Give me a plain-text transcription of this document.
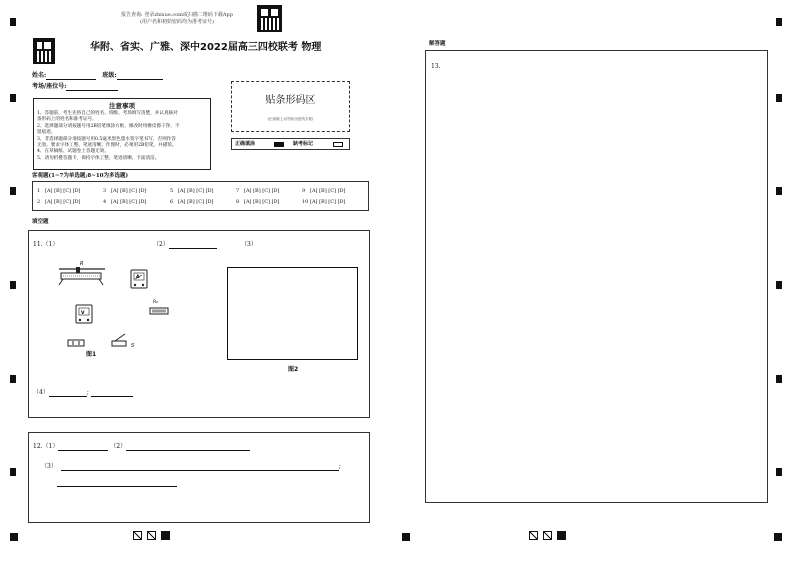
报告查询: 登录zhixue.com或扫描二维码下载App
(用户名和初始密码均为准考证号)
华附、省实、广雅、深中2022届高三四校联考 物理
姓名:	班级:
考场/座位号:
注意事项
1、答题前，考生先将自己的姓名、班级、考场填写清楚，并认真核对
条形码上的姓名和准考证号。
2、选择题部分请按题号用2B铅笔填涂方框，修改时用橡皮擦干净，不
留痕迹。
3、非选择题部分请按题号用0.5毫米黑色墨水签字笔书写，否则作答
无效。要求字体工整、笔迹清晰。作图时，必须用2B铅笔，并描浓。
4、在草稿纸、试题卷上答题无效。
5、请勿折叠答题卡，保持字体工整、笔迹清晰、卡面清洁。
贴条形码区
(正面朝上,切勿贴出虚线方框)
正确填涂	缺考标记
客观题(1~7为单选题;8~10为多选题)
1 [A] [B] [C] [D]
2 [A] [B] [C] [D]
3 [A] [B] [C] [D]
4 [A] [B] [C] [D]
5 [A] [B] [C] [D]
6 [A] [B] [C] [D]
7 [A] [B] [C] [D]
8 [A] [B] [C] [D]
9 [A] [B] [C] [D]
10 [A] [B] [C] [D]
填空题
11.（1）	（2）	（3）
R
A
V
R₀
S
图1
图2
（4）	;
12.（1）	（2）
（3）	;
解答题
13.
